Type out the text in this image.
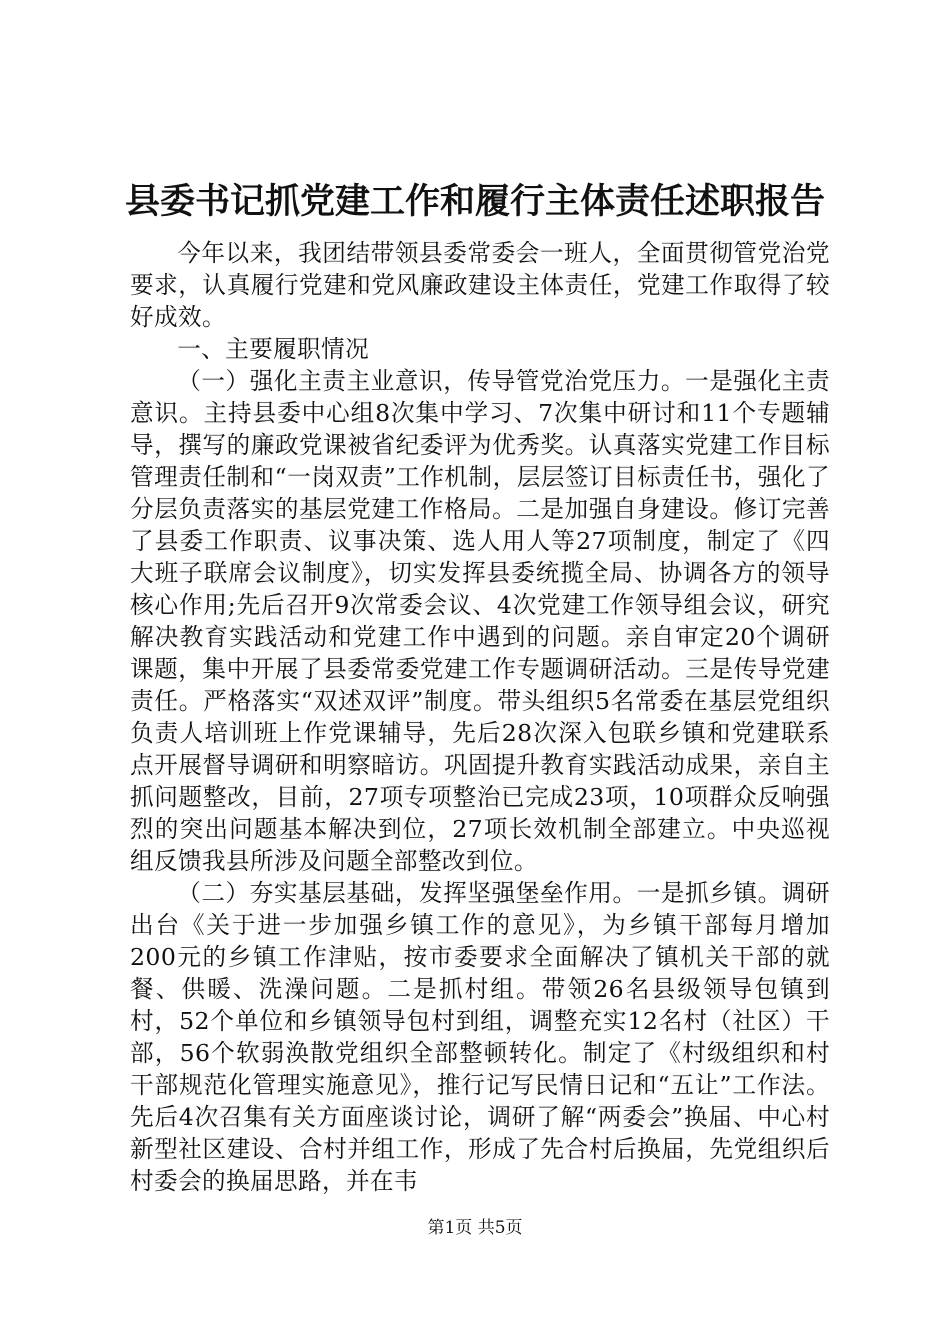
县委书记抓党建工作和履行主体责任述职报告

今年以来，我团结带领县委常委会一班人，全面贯彻管党治党要求，认真履行党建和党风廉政建设主体责任，党建工作取得了较好成效。

一、主要履职情况

（一）强化主责主业意识，传导管党治党压力。一是强化主责意识。主持县委中心组8次集中学习、7次集中研讨和11个专题辅导，撰写的廉政党课被省纪委评为优秀奖。认真落实党建工作目标管理责任制和“一岗双责”工作机制，层层签订目标责任书，强化了分层负责落实的基层党建工作格局。二是加强自身建设。修订完善了县委工作职责、议事决策、选人用人等27项制度，制定了《四大班子联席会议制度》，切实发挥县委统揽全局、协调各方的领导核心作用;先后召开9次常委会议、4次党建工作领导组会议，研究解决教育实践活动和党建工作中遇到的问题。亲自审定20个调研课题，集中开展了县委常委党建工作专题调研活动。三是传导党建责任。严格落实“双述双评”制度。带头组织5名常委在基层党组织负责人培训班上作党课辅导，先后28次深入包联乡镇和党建联系点开展督导调研和明察暗访。巩固提升教育实践活动成果，亲自主抓问题整改，目前，27项专项整治已完成23项，10项群众反响强烈的突出问题基本解决到位，27项长效机制全部建立。中央巡视组反馈我县所涉及问题全部整改到位。

（二）夯实基层基础，发挥坚强堡垒作用。一是抓乡镇。调研出台《关于进一步加强乡镇工作的意见》，为乡镇干部每月增加200元的乡镇工作津贴，按市委要求全面解决了镇机关干部的就餐、供暖、洗澡问题。二是抓村组。带领26名县级领导包镇到村，52个单位和乡镇领导包村到组，调整充实12名村（社区）干部，56个软弱涣散党组织全部整顿转化。制定了《村级组织和村干部规范化管理实施意见》，推行记写民情日记和“五让”工作法。先后4次召集有关方面座谈讨论，调研了解“两委会”换届、中心村新型社区建设、合村并组工作，形成了先合村后换届，先党组织后村委会的换届思路，并在韦

第1页 共5页
